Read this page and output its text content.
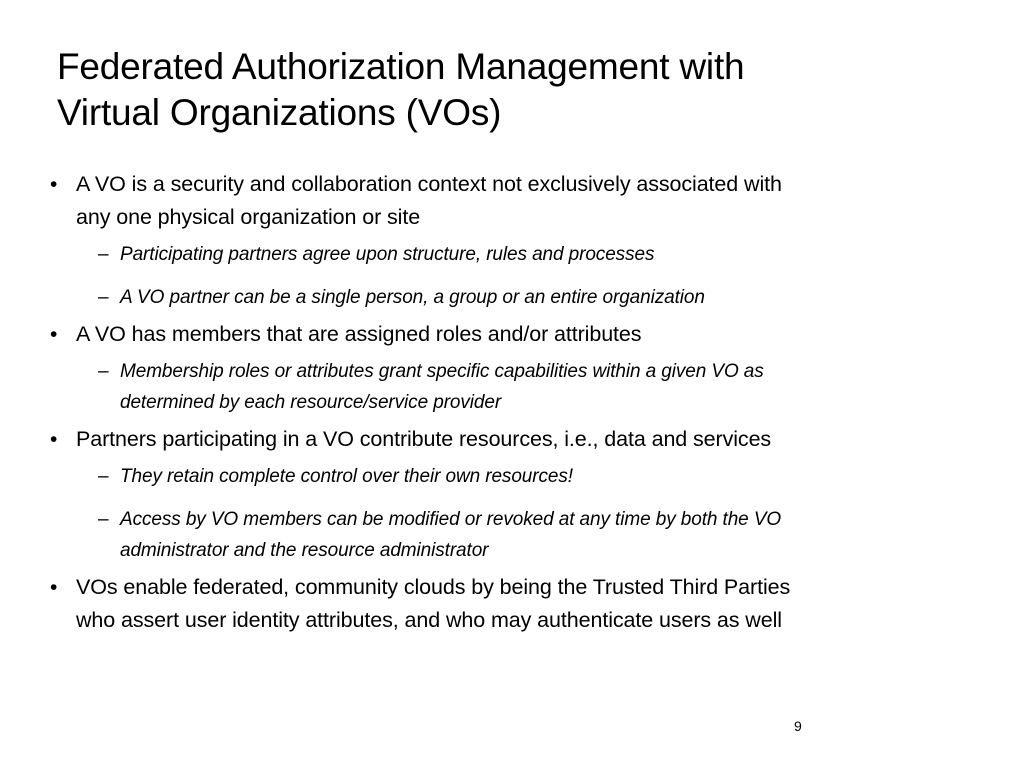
Federated Authorization Management with
Virtual Organizations (VOs)
• A VO is a security and collaboration context not exclusively associated with
any one physical organization or site
– Participating partners agree upon structure, rules and processes
– A VO partner can be a single person, a group or an entire organization
• A VO has members that are assigned roles and/or attributes
– Membership roles or attributes grant specific capabilities within a given VO as
determined by each resource/service provider
• Partners participating in a VO contribute resources, i.e., data and services
– They retain complete control over their own resources!
– Access by VO members can be modified or revoked at any time by both the VO
administrator and the resource administrator
• VOs enable federated, community clouds by being the Trusted Third Parties
who assert user identity attributes, and who may authenticate users as well
9
